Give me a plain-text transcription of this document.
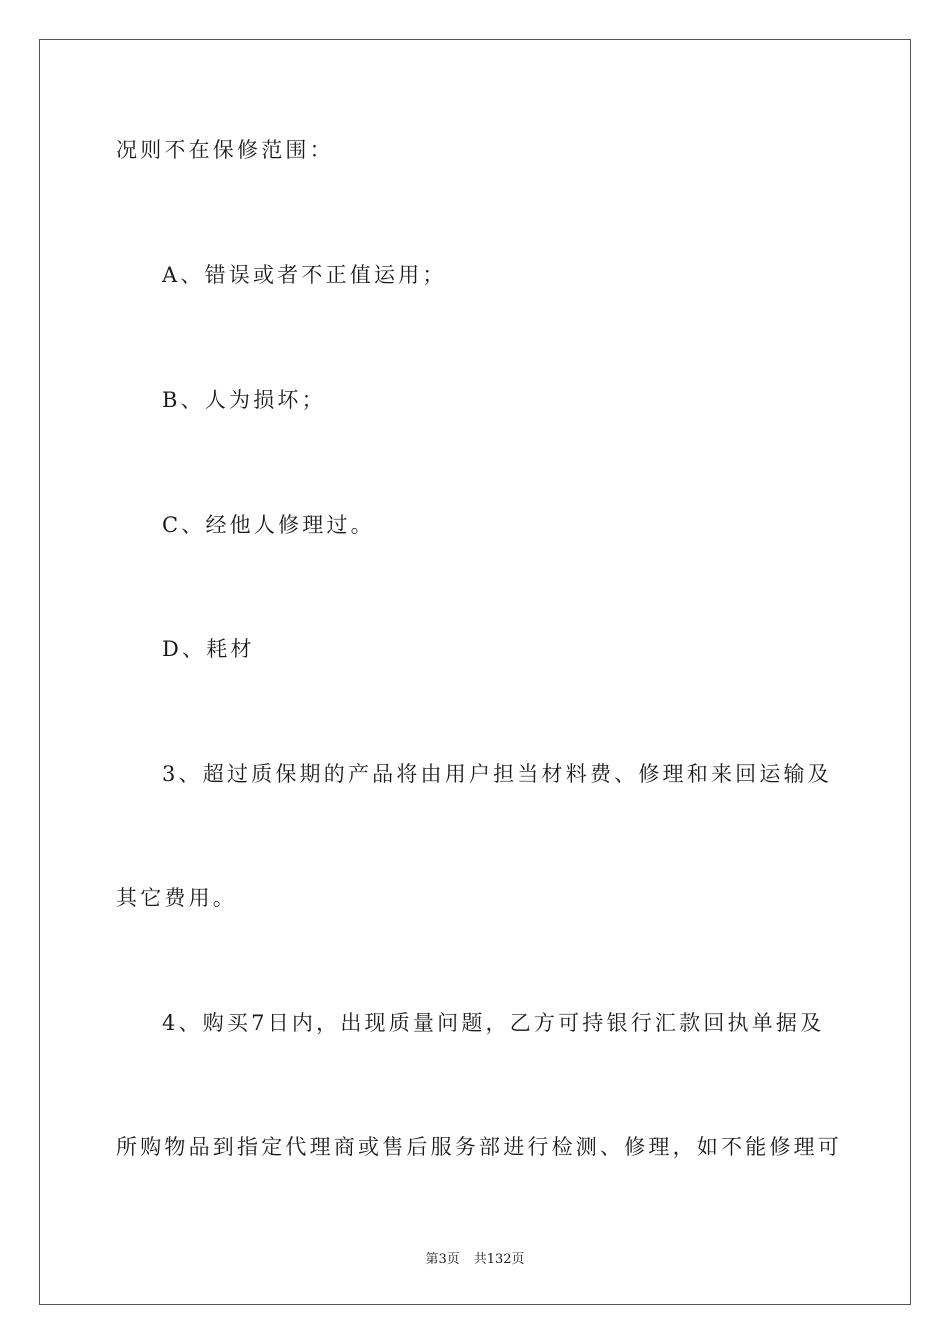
况则不在保修范围：
A、错误或者不正值运用；
B、人为损坏；
C、经他人修理过。
D、耗材
3、超过质保期的产品将由用户担当材料费、修理和来回运输及
其它费用。
4、购买7日内，出现质量问题，乙方可持银行汇款回执单据及
所购物品到指定代理商或售后服务部进行检测、修理，如不能修理可
第3页 共132页
